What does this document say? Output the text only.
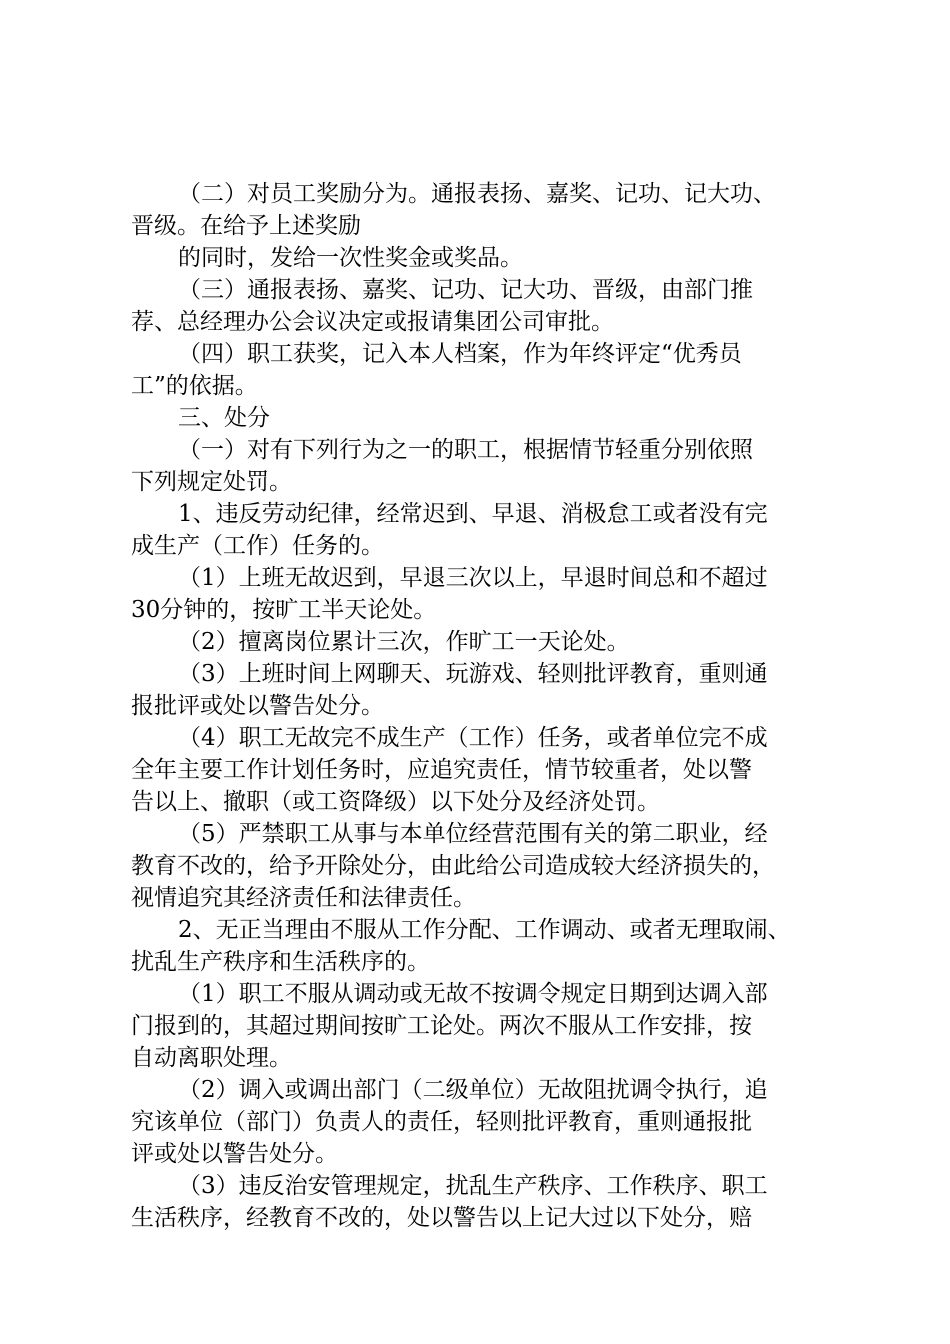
（二）对员工奖励分为。通报表扬、嘉奖、记功、记大功、
晋级。在给予上述奖励
的同时，发给一次性奖金或奖品。
（三）通报表扬、嘉奖、记功、记大功、晋级，由部门推
荐、总经理办公会议决定或报请集团公司审批。
（四）职工获奖，记入本人档案，作为年终评定“优秀员
工”的依据。
三、处分
（一）对有下列行为之一的职工，根据情节轻重分别依照
下列规定处罚。
1、违反劳动纪律，经常迟到、早退、消极怠工或者没有完
成生产（工作）任务的。
（1）上班无故迟到，早退三次以上，早退时间总和不超过
30分钟的，按旷工半天论处。
（2）擅离岗位累计三次，作旷工一天论处。
（3）上班时间上网聊天、玩游戏、轻则批评教育，重则通
报批评或处以警告处分。
（4）职工无故完不成生产（工作）任务，或者单位完不成
全年主要工作计划任务时，应追究责任，情节较重者，处以警
告以上、撤职（或工资降级）以下处分及经济处罚。
（5）严禁职工从事与本单位经营范围有关的第二职业，经
教育不改的，给予开除处分，由此给公司造成较大经济损失的，
视情追究其经济责任和法律责任。
2、无正当理由不服从工作分配、工作调动、或者无理取闹、
扰乱生产秩序和生活秩序的。
（1）职工不服从调动或无故不按调令规定日期到达调入部
门报到的，其超过期间按旷工论处。两次不服从工作安排，按
自动离职处理。
（2）调入或调出部门（二级单位）无故阻扰调令执行，追
究该单位（部门）负责人的责任，轻则批评教育，重则通报批
评或处以警告处分。
（3）违反治安管理规定，扰乱生产秩序、工作秩序、职工
生活秩序，经教育不改的，处以警告以上记大过以下处分，赔
